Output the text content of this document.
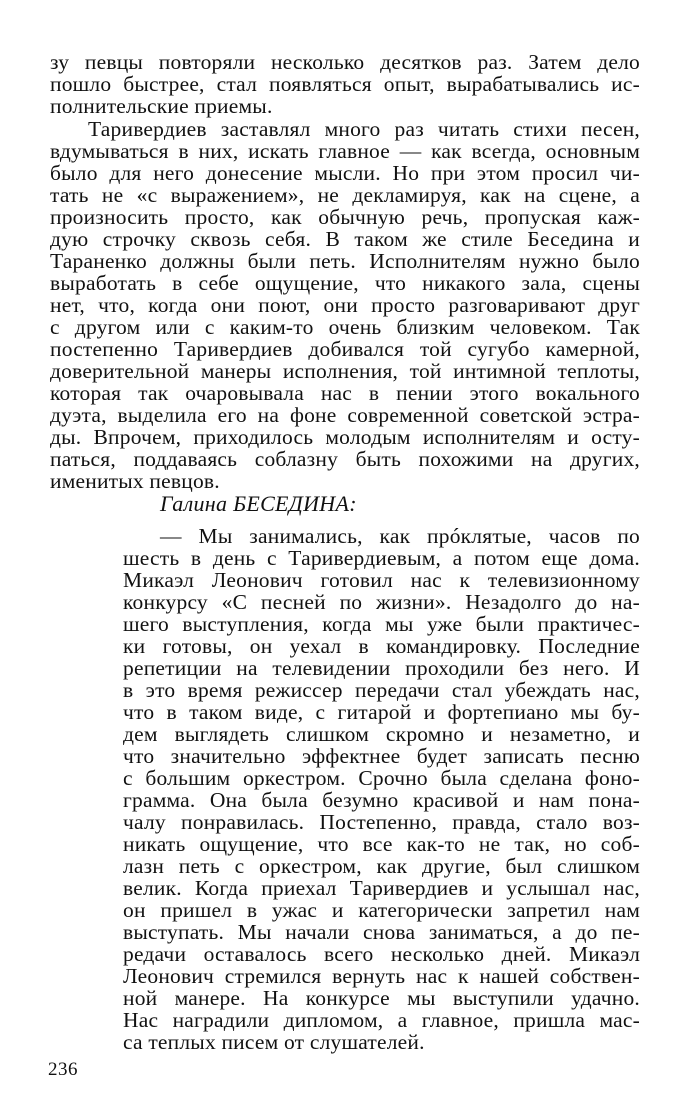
зу певцы повторяли несколько десятков раз. Затем дело
пошло быстрее, стал появляться опыт, вырабатывались ис-
полнительские приемы.
Таривердиев заставлял много раз читать стихи песен,
вдумываться в них, искать главное — как всегда, основным
было для него донесение мысли. Но при этом просил чи-
тать не «с выражением», не декламируя, как на сцене, а
произносить просто, как обычную речь, пропуская каж-
дую строчку сквозь себя. В таком же стиле Беседина и
Тараненко должны были петь. Исполнителям нужно было
выработать в себе ощущение, что никакого зала, сцены
нет, что, когда они поют, они просто разговаривают друг
с другом или с каким-то очень близким человеком. Так
постепенно Таривердиев добивался той сугубо камерной,
доверительной манеры исполнения, той интимной теплоты,
которая так очаровывала нас в пении этого вокального
дуэта, выделила его на фоне современной советской эстра-
ды. Впрочем, приходилось молодым исполнителям и осту-
паться, поддаваясь соблазну быть похожими на других,
именитых певцов.
Галина БЕСЕДИНА:
— Мы занимались, как прóклятые, часов по
шесть в день с Таривердиевым, а потом еще дома.
Микаэл Леонович готовил нас к телевизионному
конкурсу «С песней по жизни». Незадолго до на-
шего выступления, когда мы уже были практичес-
ки готовы, он уехал в командировку. Последние
репетиции на телевидении проходили без него. И
в это время режиссер передачи стал убеждать нас,
что в таком виде, с гитарой и фортепиано мы бу-
дем выглядеть слишком скромно и незаметно, и
что значительно эффектнее будет записать песню
с большим оркестром. Срочно была сделана фоно-
грамма. Она была безумно красивой и нам пона-
чалу понравилась. Постепенно, правда, стало воз-
никать ощущение, что все как-то не так, но соб-
лазн петь с оркестром, как другие, был слишком
велик. Когда приехал Таривердиев и услышал нас,
он пришел в ужас и категорически запретил нам
выступать. Мы начали снова заниматься, а до пе-
редачи оставалось всего несколько дней. Микаэл
Леонович стремился вернуть нас к нашей собствен-
ной манере. На конкурсе мы выступили удачно.
Нас наградили дипломом, а главное, пришла мас-
са теплых писем от слушателей.
236
